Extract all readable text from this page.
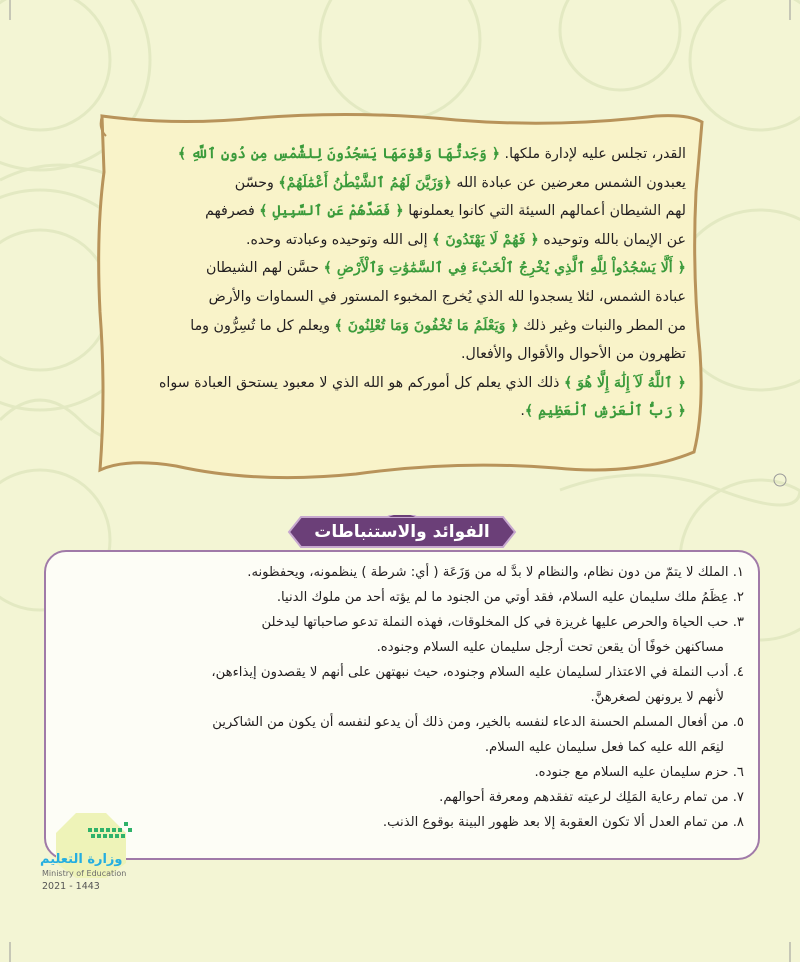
القدر، تجلس عليه لإدارة ملكها. ﴿ وَجَدتُّهَا وَقَوْمَهَا يَسْجُدُونَ لِلشَّمْسِ مِن دُونِ ٱللَّهِ ﴾
يعبدون الشمس معرضين عن عبادة الله ﴿وَزَيَّنَ لَهُمُ ٱلشَّيْطَٰنُ أَعْمَٰلَهُمْ﴾ وحسّن
لهم الشيطان أعمالهم السيئة التي كانوا يعملونها ﴿ فَصَدَّهُمْ عَنِ ٱلسَّبِيلِ ﴾ فصرفهم
عن الإيمان بالله وتوحيده ﴿ فَهُمْ لَا يَهْتَدُونَ ﴾ إلى الله وتوحيده وعبادته وحده.
﴿ أَلَّا يَسْجُدُواْ لِلَّهِ ٱلَّذِي يُخْرِجُ ٱلْخَبْءَ فِي ٱلسَّمَٰوَٰتِ وَٱلْأَرْضِ ﴾ حسَّن لهم الشيطان
عبادة الشمس، لئلا يسجدوا لله الذي يُخرج المخبوء المستور في السماوات والأرض
من المطر والنبات وغير ذلك ﴿ وَيَعْلَمُ مَا تُخْفُونَ وَمَا تُعْلِنُونَ ﴾ ويعلم كل ما تُسِرُّون وما
تظهرون من الأحوال والأقوال والأفعال.
﴿ ٱللَّهُ لَآ إِلَٰهَ إِلَّا هُوَ ﴾ ذلك الذي يعلم كل أموركم هو الله الذي لا معبود يستحق العبادة سواه
﴿ رَبُّ ٱلْعَرْشِ ٱلْعَظِيمِ ﴾.
الفوائد والاستنباطات
١. الملك لا يتمّ من دون نظام، والنظام لا بدَّ له من وَزَعَة ( أي: شرطة ) ينظمونه، ويحفظونه.
٢. عِظَمُ ملك سليمان عليه السلام، فقد أوتي من الجنود ما لم يؤته أحد من ملوك الدنيا.
٣. حب الحياة والحرص عليها غريزة في كل المخلوقات، فهذه النملة تدعو صاحباتها ليدخلن
مساكنهن خوفًا أن يقعن تحت أرجل سليمان عليه السلام وجنوده.
٤. أدب النملة في الاعتذار لسليمان عليه السلام وجنوده، حيث نبهتهن على أنهم لا يقصدون إيذاءهن،
لأنهم لا يرونهن لصغرهنَّ.
٥. من أفعال المسلم الحسنة الدعاء لنفسه بالخير، ومن ذلك أن يدعو لنفسه أن يكون من الشاكرين
لنِعَم الله عليه كما فعل سليمان عليه السلام.
٦. حزم سليمان عليه السلام مع جنوده.
٧. من تمام رعاية المَلِك لرعيته تفقدهم ومعرفة أحوالهم.
٨. من تمام العدل ألا تكون العقوبة إلا بعد ظهور البينة بوقوع الذنب.
وزارة التعليم
Ministry of Education
2021 - 1443
